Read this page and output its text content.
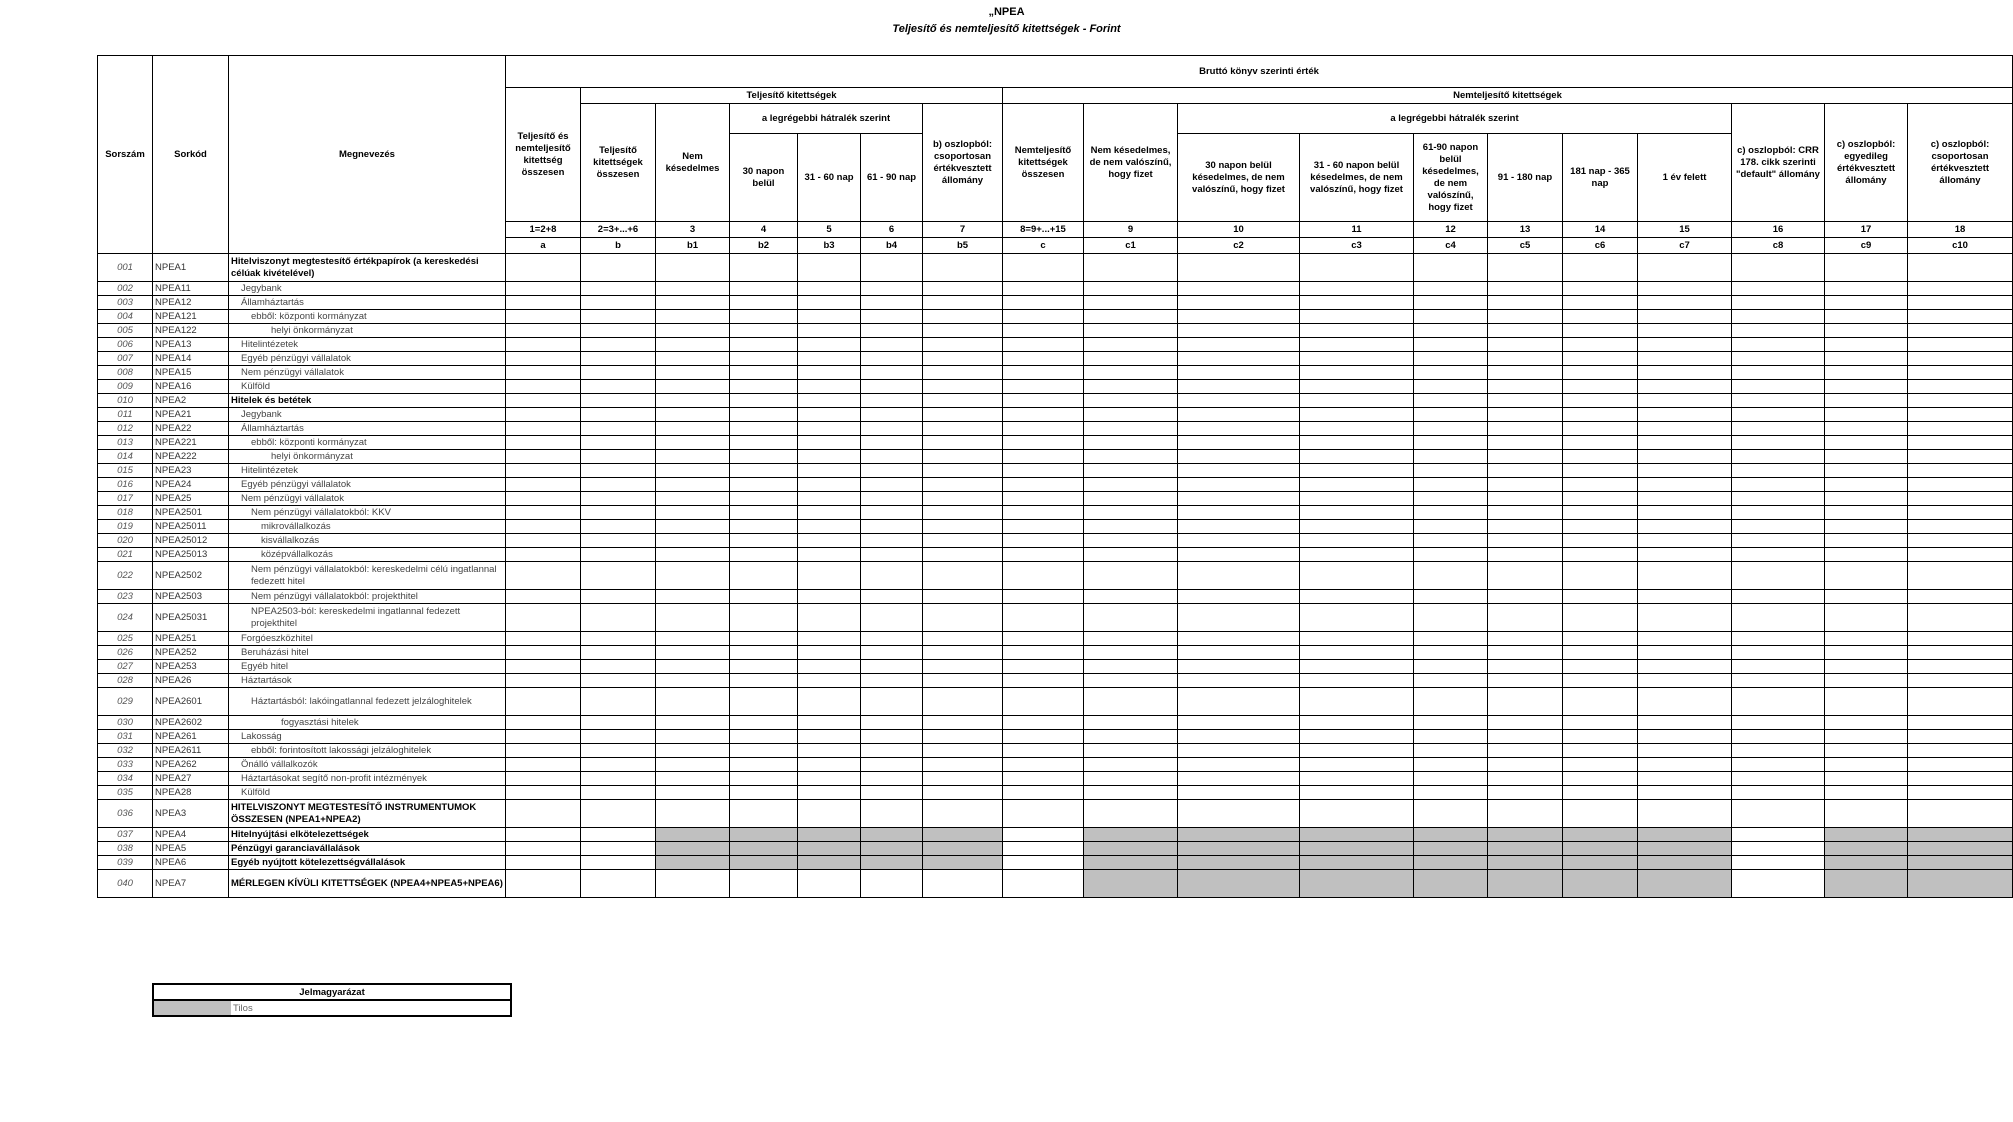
„NPEA
Teljesítő és nemteljesítő kitettségek - Forint
Sorszám	Sorkód	Megnevezés	Bruttó könyv szerinti érték																	
			Teljesítő és nemteljesítő kitettség összesen	Teljesítő kitettségek						Nemteljesítő kitettségek										
				Teljesítő kitettségek összesen	Nem késedelmes	a legrégebbi hátralék szerint			b) oszlopból: csoportosan értékvesztett állomány	Nemteljesítő kitettségek összesen	Nem késedelmes, de nem valószínű, hogy fizet	a legrégebbi hátralék szerint						c) oszlopból: CRR 178. cikk szerinti "default" állomány	c) oszlopból: egyedileg értékvesztett állomány	c) oszlopból: csoportosan értékvesztett állomány
						30 napon belül	31 - 60 nap	61 - 90 nap				30 napon belül késedelmes, de nem valószínű, hogy fizet	31 - 60 napon belül késedelmes, de nem valószínű, hogy fizet	61-90 napon belül késedelmes, de nem valószínű, hogy fizet	91 - 180 nap	181 nap - 365 nap	1 év felett			
			1=2+8	2=3+...+6	3	4	5	6	7	8=9+...+15	9	10	11	12	13	14	15	16	17	18
			a	b	b1	b2	b3	b4	b5	c	c1	c2	c3	c4	c5	c6	c7	c8	c9	c10
001	NPEA1	Hitelviszonyt megtestesítő értékpapírok (a kereskedési célúak kivételével)																		
002	NPEA11	Jegybank																		
003	NPEA12	Államháztartás																		
004	NPEA121	ebből: központi kormányzat																		
005	NPEA122	helyi önkormányzat																		
006	NPEA13	Hitelintézetek																		
007	NPEA14	Egyéb pénzügyi vállalatok																		
008	NPEA15	Nem pénzügyi vállalatok																		
009	NPEA16	Külföld																		
010	NPEA2	Hitelek és betétek																		
011	NPEA21	Jegybank																		
012	NPEA22	Államháztartás																		
013	NPEA221	ebből: központi kormányzat																		
014	NPEA222	helyi önkormányzat																		
015	NPEA23	Hitelintézetek																		
016	NPEA24	Egyéb pénzügyi vállalatok																		
017	NPEA25	Nem pénzügyi vállalatok																		
018	NPEA2501	Nem pénzügyi vállalatokból: KKV																		
019	NPEA25011	mikrovállalkozás																		
020	NPEA25012	kisvállalkozás																		
021	NPEA25013	középvállalkozás																		
022	NPEA2502	Nem pénzügyi vállalatokból: kereskedelmi célú ingatlannal fedezett hitel																		
023	NPEA2503	Nem pénzügyi vállalatokból: projekthitel																		
024	NPEA25031	NPEA2503-ból: kereskedelmi ingatlannal fedezett projekthitel																		
025	NPEA251	Forgóeszközhitel																		
026	NPEA252	Beruházási hitel																		
027	NPEA253	Egyéb hitel																		
028	NPEA26	Háztartások																		
029	NPEA2601	Háztartásból: lakóingatlannal fedezett jelzáloghitelek																		
030	NPEA2602	fogyasztási hitelek																		
031	NPEA261	Lakosság																		
032	NPEA2611	ebből: forintosított lakossági jelzáloghitelek																		
033	NPEA262	Önálló vállalkozók																		
034	NPEA27	Háztartásokat segítő non-profit intézmények																		
035	NPEA28	Külföld																		
036	NPEA3	HITELVISZONYT MEGTESTESÍTŐ INSTRUMENTUMOK ÖSSZESEN (NPEA1+NPEA2)																		
037	NPEA4	Hitelnyújtási elkötelezettségek																		
038	NPEA5	Pénzügyi garanciavállalások																		
039	NPEA6	Egyéb nyújtott kötelezettségvállalások																		
040	NPEA7	MÉRLEGEN KÍVÜLI KITETTSÉGEK (NPEA4+NPEA5+NPEA6)																		
Jelmagyarázat
	Tilos
